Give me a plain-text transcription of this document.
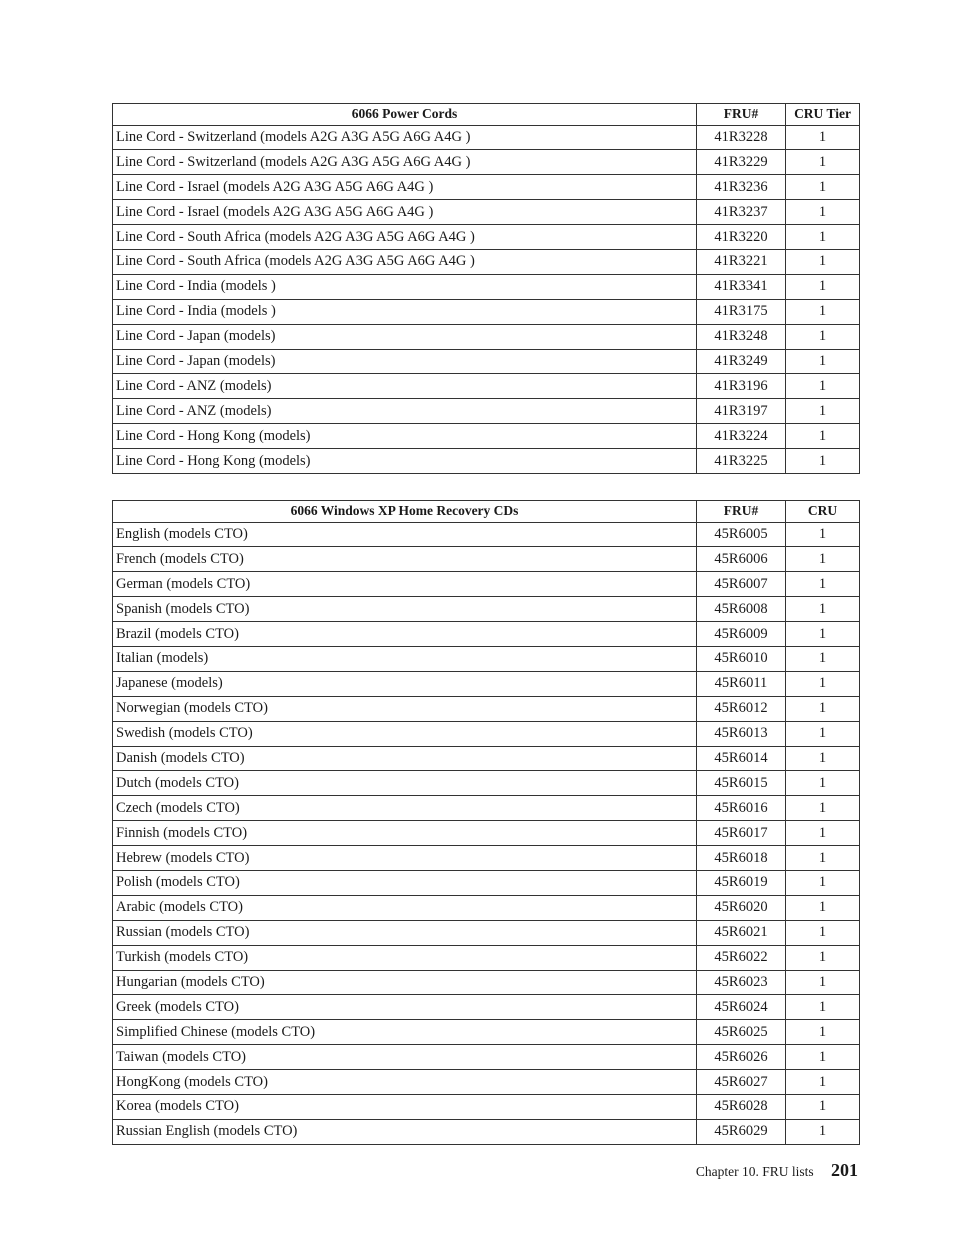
6066 Power Cords	FRU#	CRU Tier
Line Cord - Switzerland (models A2G A3G A5G A6G A4G )	41R3228	1
Line Cord - Switzerland (models A2G A3G A5G A6G A4G )	41R3229	1
Line Cord - Israel (models A2G A3G A5G A6G A4G )	41R3236	1
Line Cord - Israel (models A2G A3G A5G A6G A4G )	41R3237	1
Line Cord - South Africa (models A2G A3G A5G A6G A4G )	41R3220	1
Line Cord - South Africa (models A2G A3G A5G A6G A4G )	41R3221	1
Line Cord - India (models )	41R3341	1
Line Cord - India (models )	41R3175	1
Line Cord - Japan (models)	41R3248	1
Line Cord - Japan (models)	41R3249	1
Line Cord - ANZ (models)	41R3196	1
Line Cord - ANZ (models)	41R3197	1
Line Cord - Hong Kong (models)	41R3224	1
Line Cord - Hong Kong (models)	41R3225	1
6066 Windows XP Home Recovery CDs	FRU#	CRU
English (models CTO)	45R6005	1
French (models CTO)	45R6006	1
German (models CTO)	45R6007	1
Spanish (models CTO)	45R6008	1
Brazil (models CTO)	45R6009	1
Italian (models)	45R6010	1
Japanese (models)	45R6011	1
Norwegian (models CTO)	45R6012	1
Swedish (models CTO)	45R6013	1
Danish (models CTO)	45R6014	1
Dutch (models CTO)	45R6015	1
Czech (models CTO)	45R6016	1
Finnish (models CTO)	45R6017	1
Hebrew (models CTO)	45R6018	1
Polish (models CTO)	45R6019	1
Arabic (models CTO)	45R6020	1
Russian (models CTO)	45R6021	1
Turkish (models CTO)	45R6022	1
Hungarian (models CTO)	45R6023	1
Greek (models CTO)	45R6024	1
Simplified Chinese (models CTO)	45R6025	1
Taiwan (models CTO)	45R6026	1
HongKong (models CTO)	45R6027	1
Korea (models CTO)	45R6028	1
Russian English (models CTO)	45R6029	1
Chapter 10. FRU lists 201
